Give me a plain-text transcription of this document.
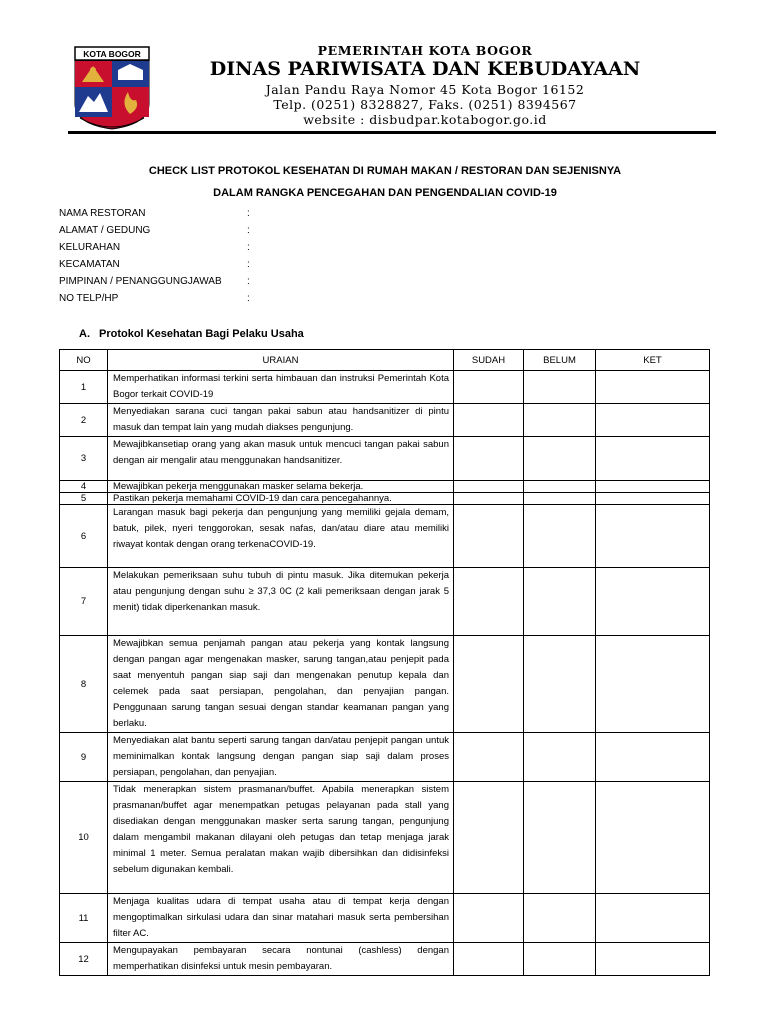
KOTA BOGOR	PEMERINTAH KOTA BOGOR
DINAS PARIWISATA DAN KEBUDAYAAN
Jalan Pandu Raya Nomor 45 Kota Bogor 16152
Telp. (0251) 8328827, Faks. (0251) 8394567
website : disbudpar.kotabogor.go.id
CHECK LIST PROTOKOL KESEHATAN DI RUMAH MAKAN / RESTORAN DAN SEJENISNYA
DALAM RANGKA PENCEGAHAN DAN PENGENDALIAN COVID-19
NAMA RESTORAN	:
ALAMAT / GEDUNG	:
KELURAHAN	:
KECAMATAN	:
PIMPINAN / PENANGGUNGJAWAB	:
NO TELP/HP	:
A. Protokol Kesehatan Bagi Pelaku Usaha
NO	URAIAN	SUDAH	BELUM	KET
1	Memperhatikan informasi terkini serta himbauan dan instruksi Pemerintah Kota Bogor terkait COVID-19			
2	Menyediakan sarana cuci tangan pakai sabun atau handsanitizer di pintu masuk dan tempat lain yang mudah diakses pengunjung.			
3	Mewajibkansetiap orang yang akan masuk untuk mencuci tangan pakai sabun dengan air mengalir atau menggunakan handsanitizer.			
4	Mewajibkan pekerja menggunakan masker selama bekerja.			
5	Pastikan pekerja memahami COVID-19 dan cara pencegahannya.			
6	Larangan masuk bagi pekerja dan pengunjung yang memiliki gejala demam, batuk, pilek, nyeri tenggorokan, sesak nafas, dan/atau diare atau memiliki riwayat kontak dengan orang terkenaCOVID-19.			
7	Melakukan pemeriksaan suhu tubuh di pintu masuk. Jika ditemukan pekerja atau pengunjung dengan suhu ≥ 37,3 0C (2 kali pemeriksaan dengan jarak 5 menit) tidak diperkenankan masuk.			
8	Mewajibkan semua penjamah pangan atau pekerja yang kontak langsung dengan pangan agar mengenakan masker, sarung tangan,atau penjepit pada saat menyentuh pangan siap saji dan mengenakan penutup kepala dan celemek pada saat persiapan, pengolahan, dan penyajian pangan. Penggunaan sarung tangan sesuai dengan standar keamanan pangan yang berlaku.			
9	Menyediakan alat bantu seperti sarung tangan dan/atau penjepit pangan untuk meminimalkan kontak langsung dengan pangan siap saji dalam proses persiapan, pengolahan, dan penyajian.			
10	Tidak menerapkan sistem prasmanan/buffet. Apabila menerapkan sistem prasmanan/buffet agar menempatkan petugas pelayanan pada stall yang disediakan dengan menggunakan masker serta sarung tangan, pengunjung dalam mengambil makanan dilayani oleh petugas dan tetap menjaga jarak minimal 1 meter. Semua peralatan makan wajib dibersihkan dan didisinfeksi sebelum digunakan kembali.			
11	Menjaga kualitas udara di tempat usaha atau di tempat kerja dengan mengoptimalkan sirkulasi udara dan sinar matahari masuk serta pembersihan filter AC.			
12	Mengupayakan pembayaran secara nontunai (cashless) dengan memperhatikan disinfeksi untuk mesin pembayaran.			
